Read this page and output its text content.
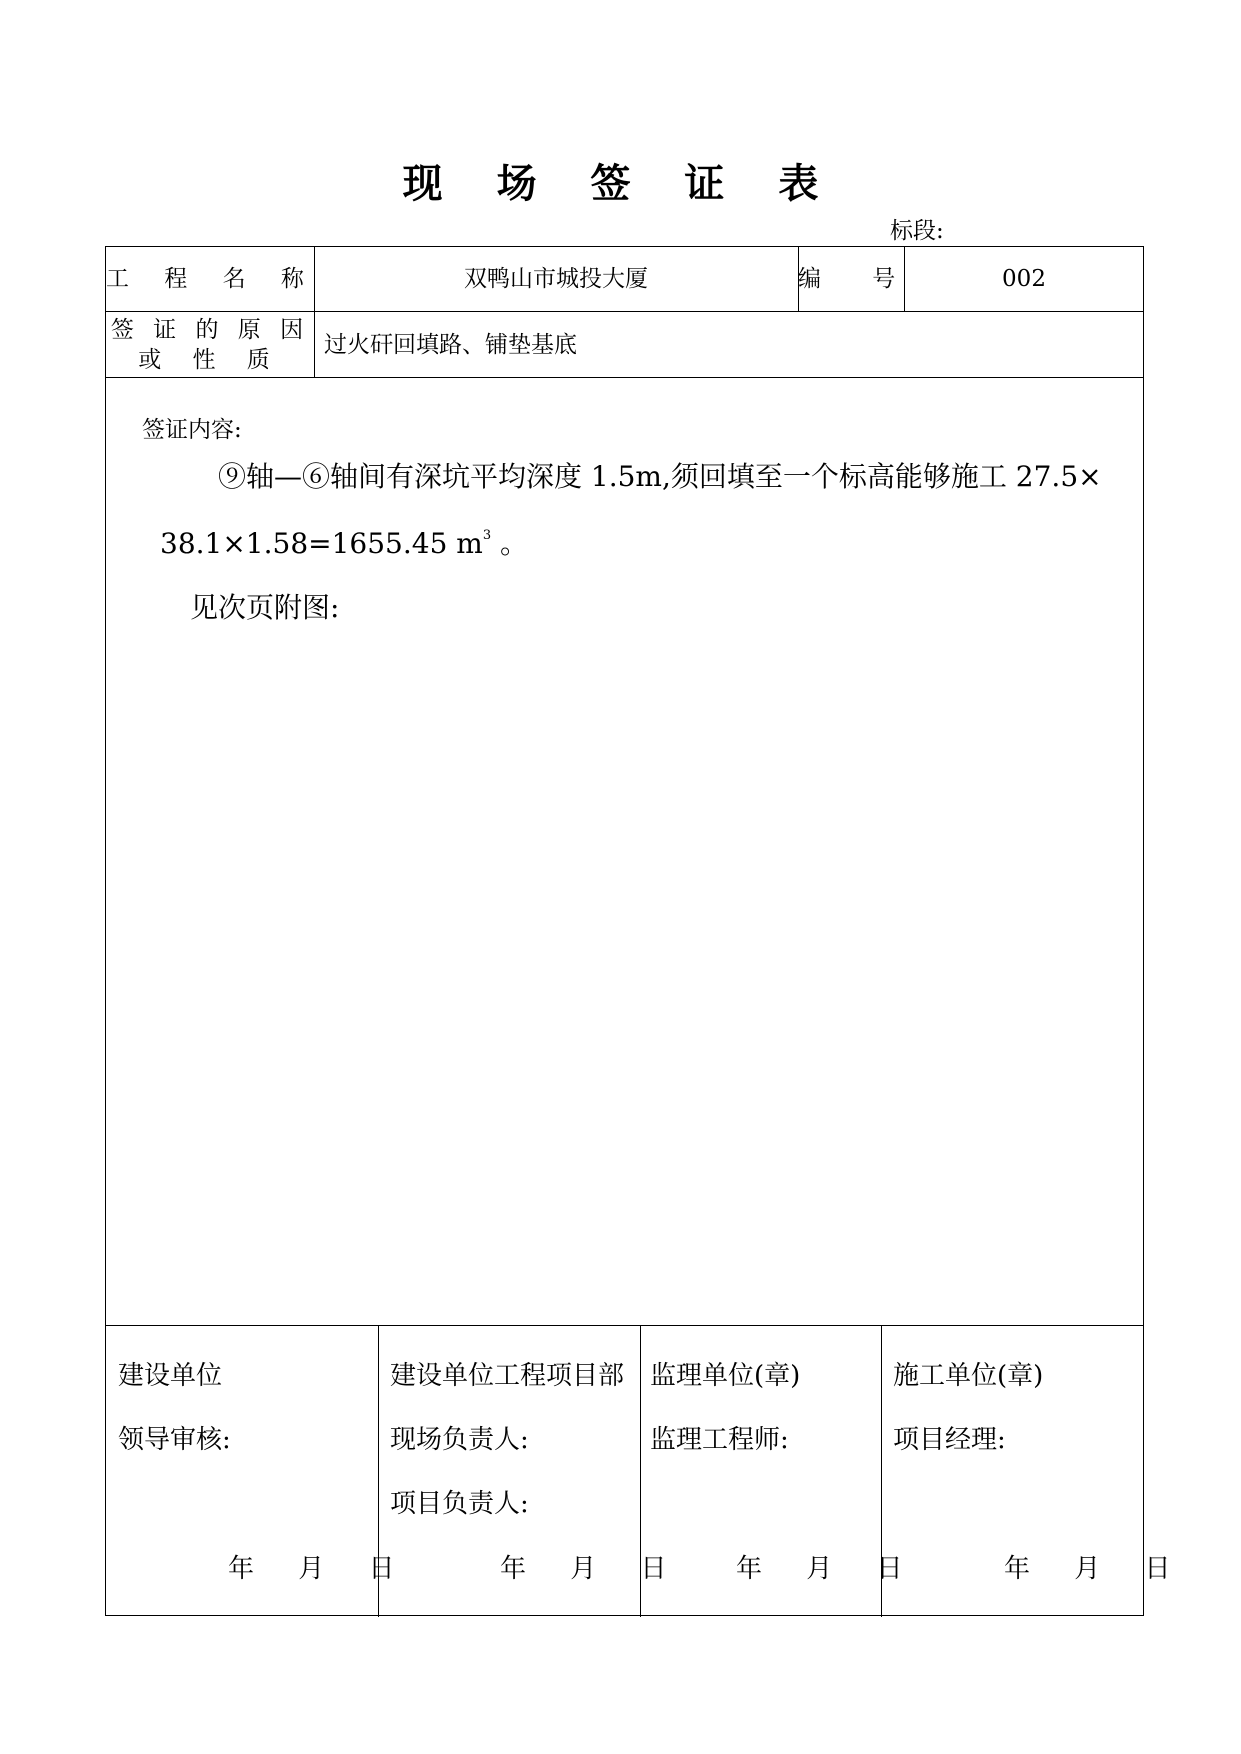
现 场 签 证 表
标段:
工 程 名 称	双鸭山市城投大厦	编 号	002
签 证 的 原 因
或 性 质
过火矸回填路、铺垫基底
签证内容:
⑨轴—⑥轴间有深坑平均深度 1.5m,须回填至一个标高能够施工 27.5×
38.1×1.58=1655.45 $m^3$ 。
见次页附图:
建设单位
领导审核:
年 月 日
建设单位工程项目部
现场负责人:
项目负责人:
年 月 日
监理单位(章)
监理工程师:
年 月 日
施工单位(章)
项目经理:
年 月 日
